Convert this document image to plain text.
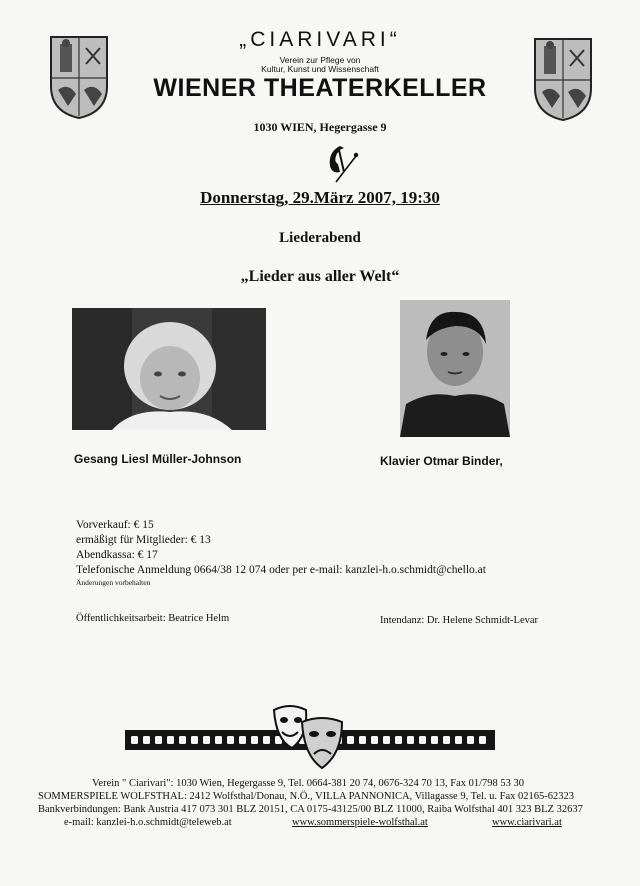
„CIARIVARI“
Verein zur Pflege von
Kultur, Kunst und Wissenschaft
WIENER THEATERKELLER
1030 WIEN, Hegergasse 9
Donnerstag, 29.März 2007, 19:30
Liederabend
„Lieder aus aller Welt“
Gesang Liesl Müller-Johnson	Klavier Otmar Binder,
Vorverkauf: € 15
ermäßigt für Mitglieder: € 13
Abendkassa: € 17
Telefonische Anmeldung 0664/38 12 074 oder per e-mail: kanzlei-h.o.schmidt@chello.at
Änderungen vorbehalten
Öffentlichkeitsarbeit: Beatrice Helm	Intendanz: Dr. Helene Schmidt-Levar
Verein " Ciarivari": 1030 Wien, Hegergasse 9, Tel. 0664-381 20 74, 0676-324 70 13, Fax 01/798 53 30
SOMMERSPIELE WOLFSTHAL: 2412 Wolfsthal/Donau, N.Ö., VILLA PANNONICA, Villagasse 9, Tel. u. Fax 02165-62323
Bankverbindungen: Bank Austria 417 073 301 BLZ 20151, CA 0175-43125/00 BLZ 11000, Raiba Wolfsthal 401 323 BLZ 32637
e-mail: kanzlei-h.o.schmidt@teleweb.at	www.sommerspiele-wolfsthal.at	www.ciarivari.at
